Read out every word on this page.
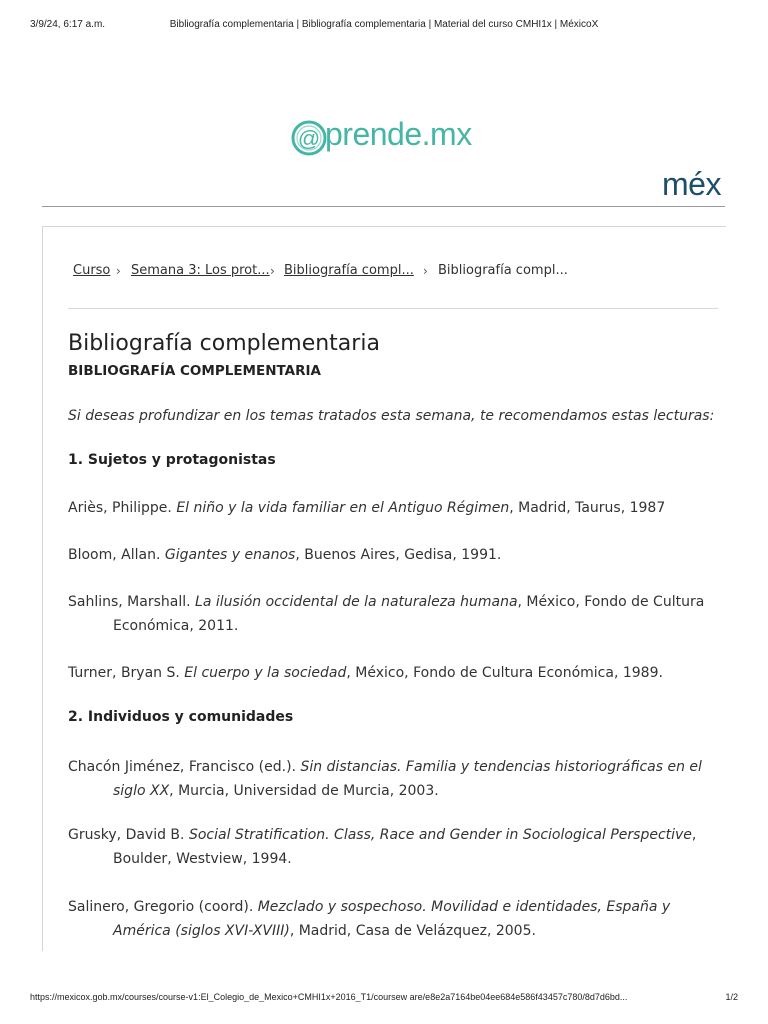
3/9/24, 6:17 a.m.	Bibliografía complementaria | Bibliografía complementaria | Material del curso CMHI1x | MéxicoX
@ prende.mx
méx
Curso › Semana 3: Los prot... › Bibliografía compl... › Bibliografía compl...
Bibliografía complementaria
BIBLIOGRAFÍA COMPLEMENTARIA
Si deseas profundizar en los temas tratados esta semana, te recomendamos estas lecturas:
1. Sujetos y protagonistas
Ariès, Philippe. El niño y la vida familiar en el Antiguo Régimen, Madrid, Taurus, 1987
Bloom, Allan. Gigantes y enanos, Buenos Aires, Gedisa, 1991.
Sahlins, Marshall. La ilusión occidental de la naturaleza humana, México, Fondo de Cultura Económica, 2011.
Turner, Bryan S. El cuerpo y la sociedad, México, Fondo de Cultura Económica, 1989.
2. Individuos y comunidades
Chacón Jiménez, Francisco (ed.). Sin distancias. Familia y tendencias historiográficas en el siglo XX, Murcia, Universidad de Murcia, 2003.
Grusky, David B. Social Stratification. Class, Race and Gender in Sociological Perspective, Boulder, Westview, 1994.
Salinero, Gregorio (coord). Mezclado y sospechoso. Movilidad e identidades, España y América (siglos XVI-XVIII), Madrid, Casa de Velázquez, 2005.
https://mexicox.gob.mx/courses/course-v1:El_Colegio_de_Mexico+CMHI1x+2016_T1/coursew are/e8e2a7164be04ee684e586f43457c780/8d7d6bd...	1/2
